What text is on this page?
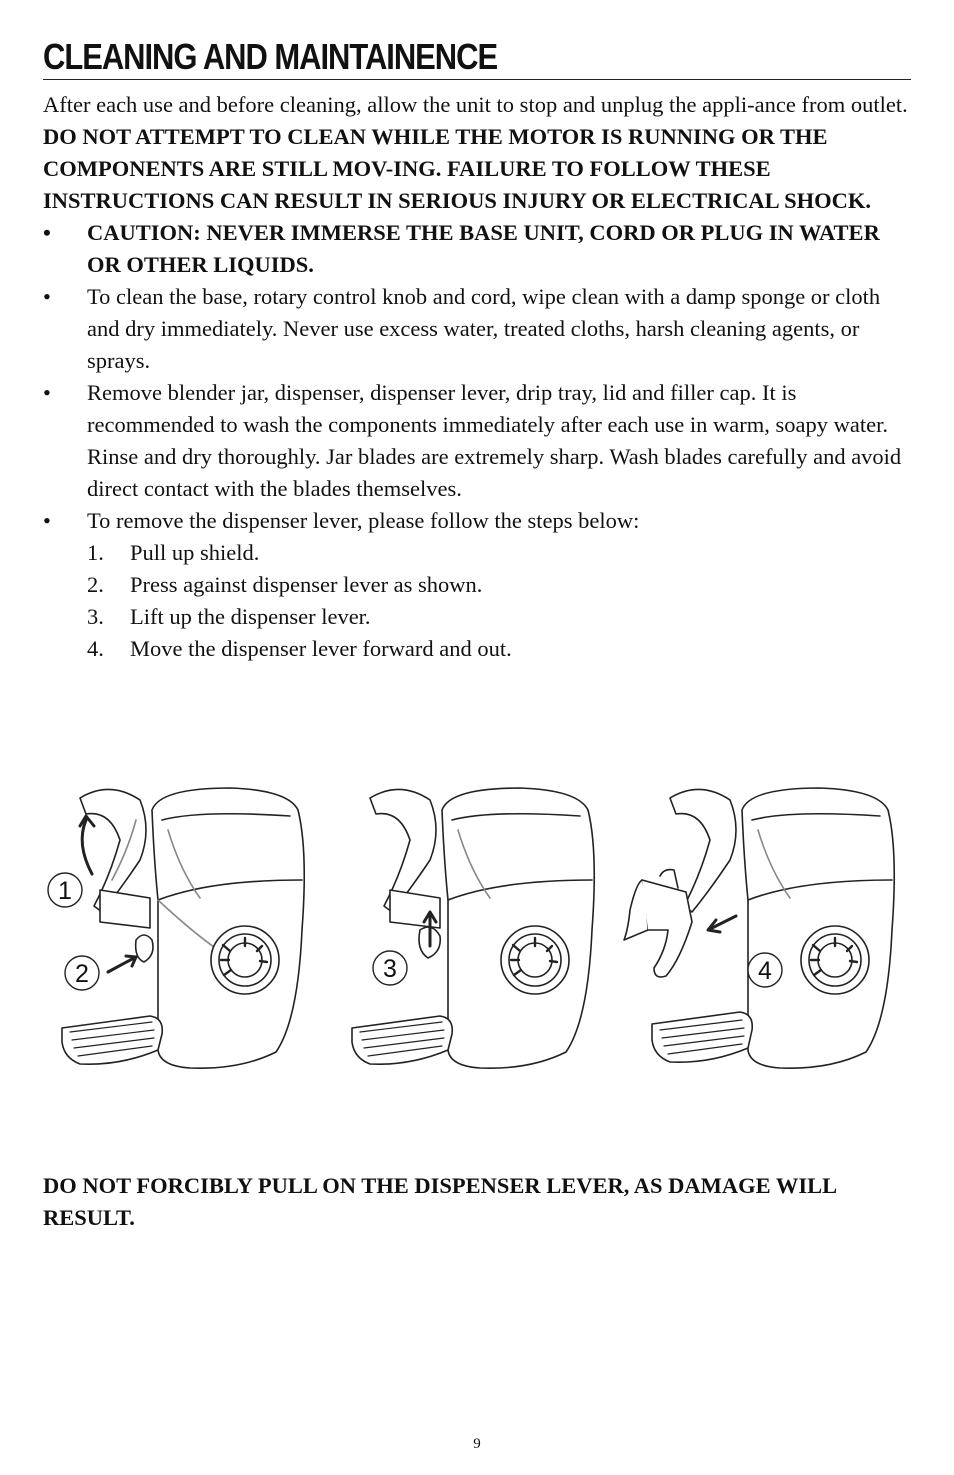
CLEANING AND MAINTAINENCE

After each use and before cleaning, allow the unit to stop and unplug the appli-ance from outlet. DO NOT ATTEMPT TO CLEAN WHILE THE MOTOR IS RUNNING OR THE COMPONENTS ARE STILL MOV-ING. FAILURE TO FOLLOW THESE INSTRUCTIONS CAN RESULT IN SERIOUS INJURY OR ELECTRICAL SHOCK.

•	CAUTION: NEVER IMMERSE THE BASE UNIT, CORD OR PLUG IN WATER OR OTHER LIQUIDS.
•	To clean the base, rotary control knob and cord, wipe clean with a damp sponge or cloth and dry immediately. Never use excess water, treated cloths, harsh cleaning agents, or sprays.
•	Remove blender jar, dispenser, dispenser lever, drip tray, lid and filler cap. It is recommended to wash the components immediately after each use in warm, soapy water. Rinse and dry thoroughly. Jar blades are extremely sharp. Wash blades carefully and avoid direct contact with the blades themselves.
•	To remove the dispenser lever, please follow the steps below:
1. Pull up shield.
2. Press against dispenser lever as shown.
3. Lift up the dispenser lever.
4. Move the dispenser lever forward and out.
1
2	3	4

DO NOT FORCIBLY PULL ON THE DISPENSER LEVER, AS DAMAGE WILL RESULT.

9
